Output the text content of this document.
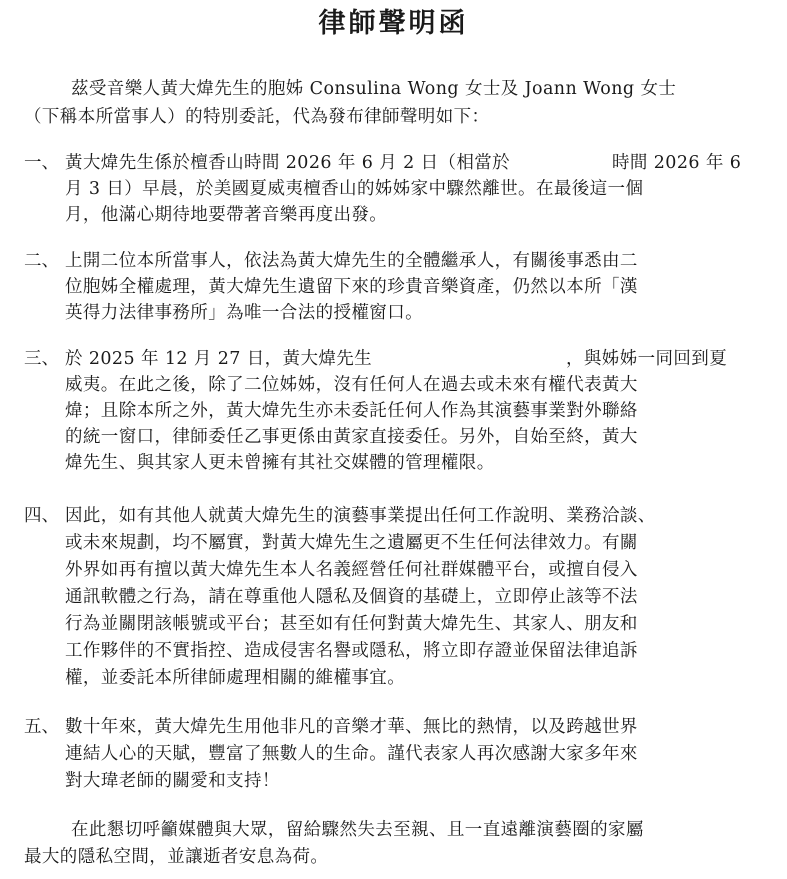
律師聲明函
茲受音樂人黃大煒先生的胞姊 Consulina Wong 女士及 Joann Wong 女士
（下稱本所當事人）的特別委託，代為發布律師聲明如下：
一、 黃大煒先生係於檀香山時間 2026 年 6 月 2 日（相當於	時間 2026 年 6
月 3 日）早晨，於美國夏威夷檀香山的姊姊家中驟然離世。在最後這一個
月，他滿心期待地要帶著音樂再度出發。
二、 上開二位本所當事人，依法為黃大煒先生的全體繼承人，有關後事悉由二
位胞姊全權處理，黃大煒先生遺留下來的珍貴音樂資產，仍然以本所「漢
英得力法律事務所」為唯一合法的授權窗口。
三、 於 2025 年 12 月 27 日，黃大煒先生	，與姊姊一同回到夏
威夷。在此之後，除了二位姊姊，沒有任何人在過去或未來有權代表黃大
煒；且除本所之外，黃大煒先生亦未委託任何人作為其演藝事業對外聯絡
的統一窗口，律師委任乙事更係由黃家直接委任。另外，自始至終，黃大
煒先生、與其家人更未曾擁有其社交媒體的管理權限。
四、 因此，如有其他人就黃大煒先生的演藝事業提出任何工作說明、業務洽談、
或未來規劃，均不屬實，對黃大煒先生之遺屬更不生任何法律效力。有關
外界如再有擅以黃大煒先生本人名義經營任何社群媒體平台，或擅自侵入
通訊軟體之行為，請在尊重他人隱私及個資的基礎上，立即停止該等不法
行為並關閉該帳號或平台；甚至如有任何對黃大煒先生、其家人、朋友和
工作夥伴的不實指控、造成侵害名譽或隱私，將立即存證並保留法律追訴
權，並委託本所律師處理相關的維權事宜。
五、 數十年來，黃大煒先生用他非凡的音樂才華、無比的熱情，以及跨越世界
連結人心的天賦，豐富了無數人的生命。謹代表家人再次感謝大家多年來
對大瑋老師的關愛和支持！
在此懇切呼籲媒體與大眾，留給驟然失去至親、且一直遠離演藝圈的家屬
最大的隱私空間，並讓逝者安息為荷。
